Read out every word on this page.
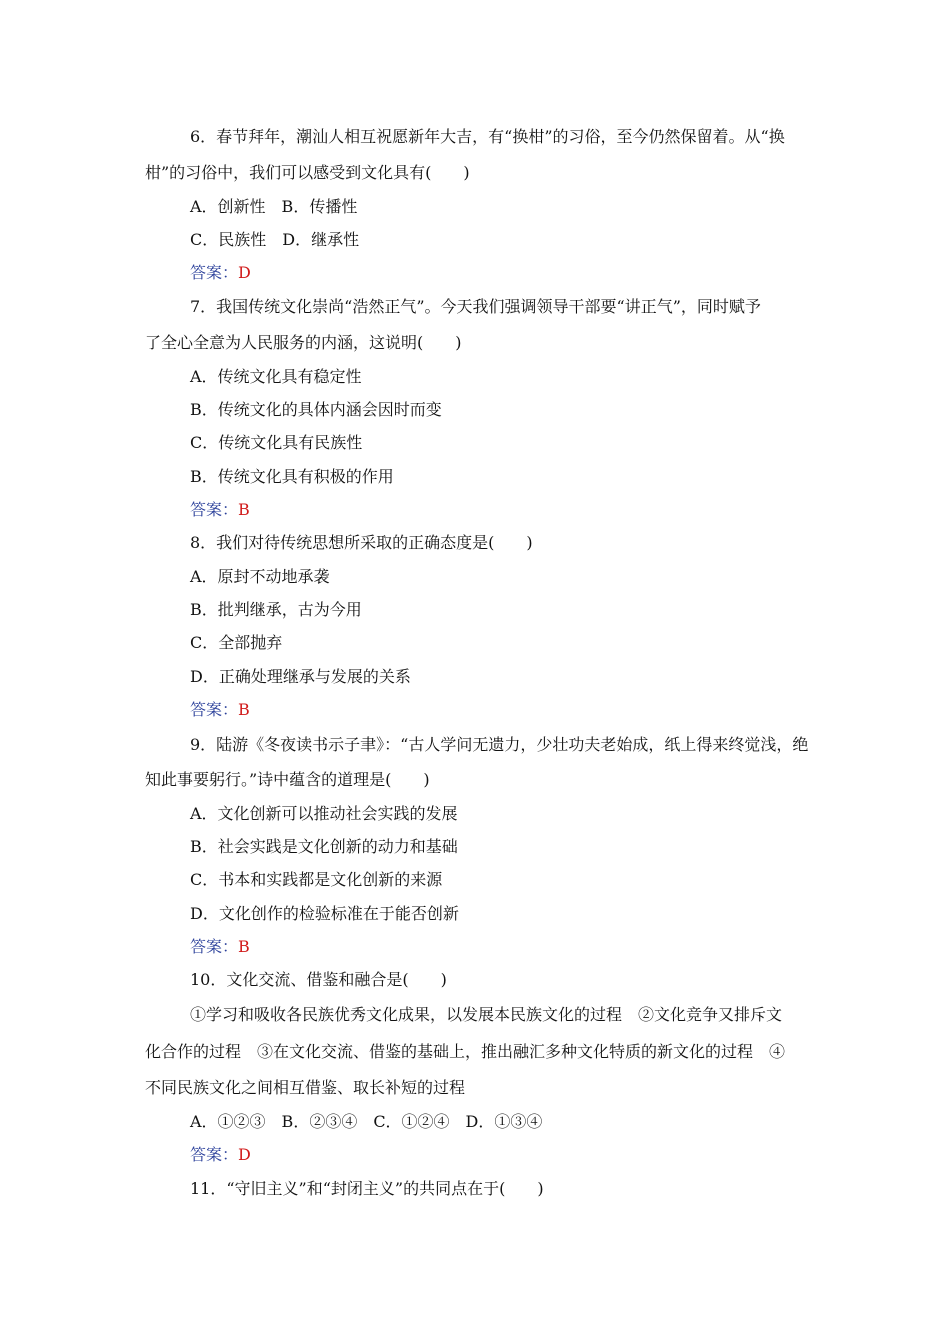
6．春节拜年，潮汕人相互祝愿新年大吉，有“换柑”的习俗，至今仍然保留着。从“换
柑”的习俗中，我们可以感受到文化具有(　　)
A．创新性　B．传播性
C．民族性　D．继承性
答案：D
7．我国传统文化崇尚“浩然正气”。今天我们强调领导干部要“讲正气”，同时赋予
了全心全意为人民服务的内涵，这说明(　　)
A．传统文化具有稳定性
B．传统文化的具体内涵会因时而变
C．传统文化具有民族性
B．传统文化具有积极的作用
答案：B
8．我们对待传统思想所采取的正确态度是(　　)
A．原封不动地承袭
B．批判继承，古为今用
C．全部抛弃
D．正确处理继承与发展的关系
答案：B
9．陆游《冬夜读书示子聿》：“古人学问无遗力，少壮功夫老始成，纸上得来终觉浅，绝
知此事要躬行。”诗中蕴含的道理是(　　)
A．文化创新可以推动社会实践的发展
B．社会实践是文化创新的动力和基础
C．书本和实践都是文化创新的来源
D．文化创作的检验标准在于能否创新
答案：B
10．文化交流、借鉴和融合是(　　)
①学习和吸收各民族优秀文化成果，以发展本民族文化的过程　②文化竞争又排斥文
化合作的过程　③在文化交流、借鉴的基础上，推出融汇多种文化特质的新文化的过程　④
不同民族文化之间相互借鉴、取长补短的过程
A．①②③　B．②③④　C．①②④　D．①③④
答案：D
11．“守旧主义”和“封闭主义”的共同点在于(　　)
